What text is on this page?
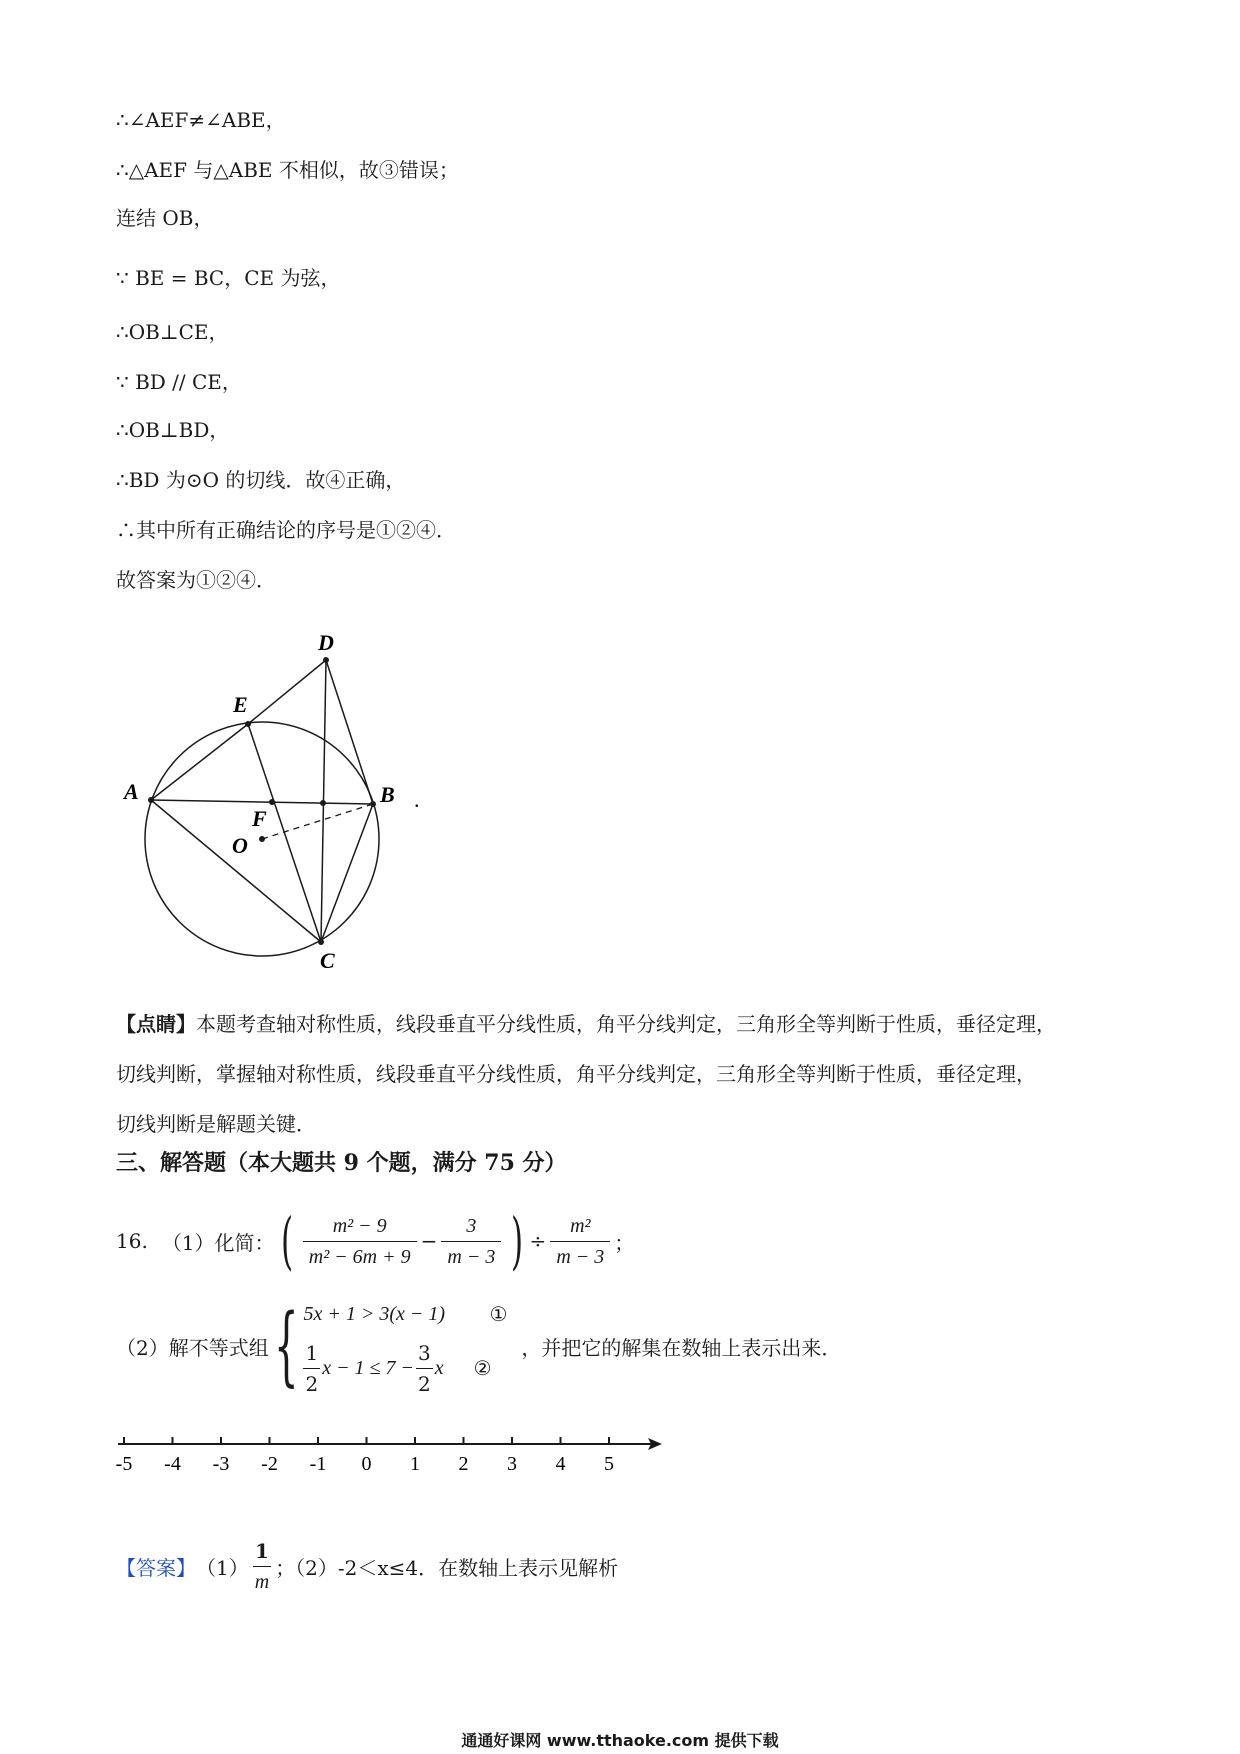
∴∠AEF≠∠ABE，
∴△AEF 与△ABE 不相似，故③错误；
连结 OB，
∵ BE = BC，CE 为弦，
∴OB⊥CE，
∵ BD // CE，
∴OB⊥BD，
∴BD 为⊙O 的切线．故④正确，
∴其中所有正确结论的序号是①②④．
故答案为①②④．
A	B
C
D
E
F
O
.
【点睛】本题考查轴对称性质，线段垂直平分线性质，角平分线判定，三角形全等判断于性质，垂径定理，
切线判断，掌握轴对称性质，线段垂直平分线性质，角平分线判定，三角形全等判断于性质，垂径定理，
切线判断是解题关键．
三、解答题（本大题共 9 个题，满分 75 分）
16. （1）化简： ( $\frac{\text{m² − 9}}{\text{m² − 6m + 9}} - \frac{3}{m - 3}$ ) ÷ $\frac{\text{m²}}{m - 3}$ ；
（2）解不等式组 { 5x + 1 > 3(x − 1)	①
$\frac{1}{2}$ $x - 1 \le 7 - \frac{3}{2}$ x ②
，并把它的解集在数轴上表示出来．
-5 -4 -3 -2 -1 0 1 2 3 4 5
【答案】 $(1) \frac{1}{m}$ ；（2）-2＜x≤4．在数轴上表示见解析
通通好课网 www.tthaoke.com 提供下载
